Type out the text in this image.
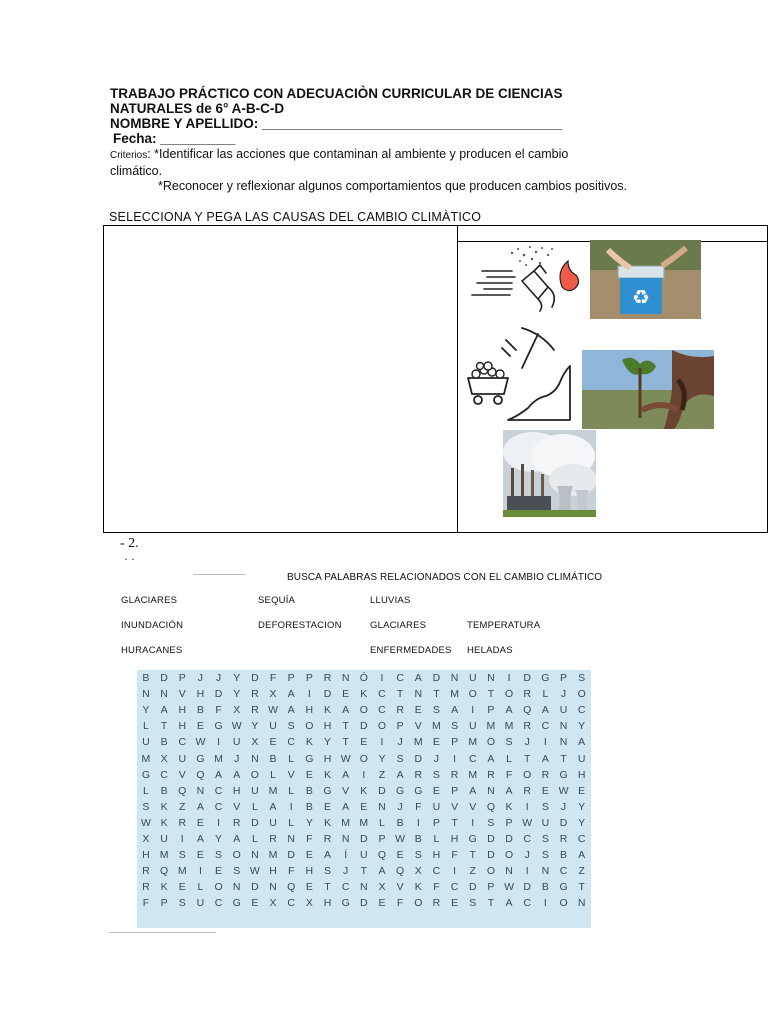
TRABAJO PRÁCTICO CON ADECUACIÒN CURRICULAR DE CIENCIAS
NATURALES de 6° A-B-C-D
NOMBRE Y APELLIDO: ________________________________________
Fecha: __________
Criterios: *Identificar las acciones que contaminan al ambiente y producen el cambio
climático.
*Reconocer y reflexionar algunos comportamientos que producen cambios positivos.
SELECCIONA Y PEGA LAS CAUSAS DEL CAMBIO CLIMÀTICO
♻
- 2.
· ·
BUSCA PALABRAS RELACIONADOS CON EL CAMBIO CLIMÁTICO
GLACIARES	SEQUÍA	LLUVIAS
INUNDACIÓN	DEFORESTACION	GLACIARES	TEMPERATURA
HURACANES	ENFERMEDADES HELADAS
B	D	P	J	J	Y	D	F	P	P	R N Ó	I	C	A	D N U N	I	D G P	S
N N	V	H D	Y	R	X	A	I	D	E	K	C	T	N	T M O	T	O R	L	J	O
Y	A	H	B	F	X	R W A	H	K	A O C R	E	S	A	I	P	A Q A	U C
L	T	H	E G W Y	U	S O H	T	D O P	V M S	U M M R C N	Y
U	B	C W	I	U	X	E	C	K	Y	T	E	I	J	M E	P M O S	J	I	N	A
M X	U G M	J	N	B	L	G H W O Y	S	D	J	I	C	A	L	T	A	T	U
G C	V Q A	A O	L	V	E	K	A	I	Z	A	R	S	R M R	F	O R G H
L	B Q N C H U M	L	B G V	K	D G G E	P	A	N	A	R	E W E
S	K	Z	A	C	V	L	A	I	B	E	A	E	N	J	F	U	V	V Q K	I	S	J	Y
W K	R	E	I	R D U	L	Y	K M M	L	B	I	P	T	I	S	P W U D	Y
X	U	I	A	Y	A	L	R N	F	R N D	P W B	L	H G D D C	S	R C
H M S	E	S O N M D	E	A	Í	U Q E	S	H	F	T	D O	J	S	B	A
R Q M	I	E	S W H	F	H	S	J	T	A Q X	C	I	Z	O N	I	N C	Z
R	K	E	L	O N D N Q E	T	C N	X	V	K	F	C D	P W D	B G	T
F	P	S	U C G E	X	C	X	H G D	E	F	O R	E	S	T	A	C	I	O N
